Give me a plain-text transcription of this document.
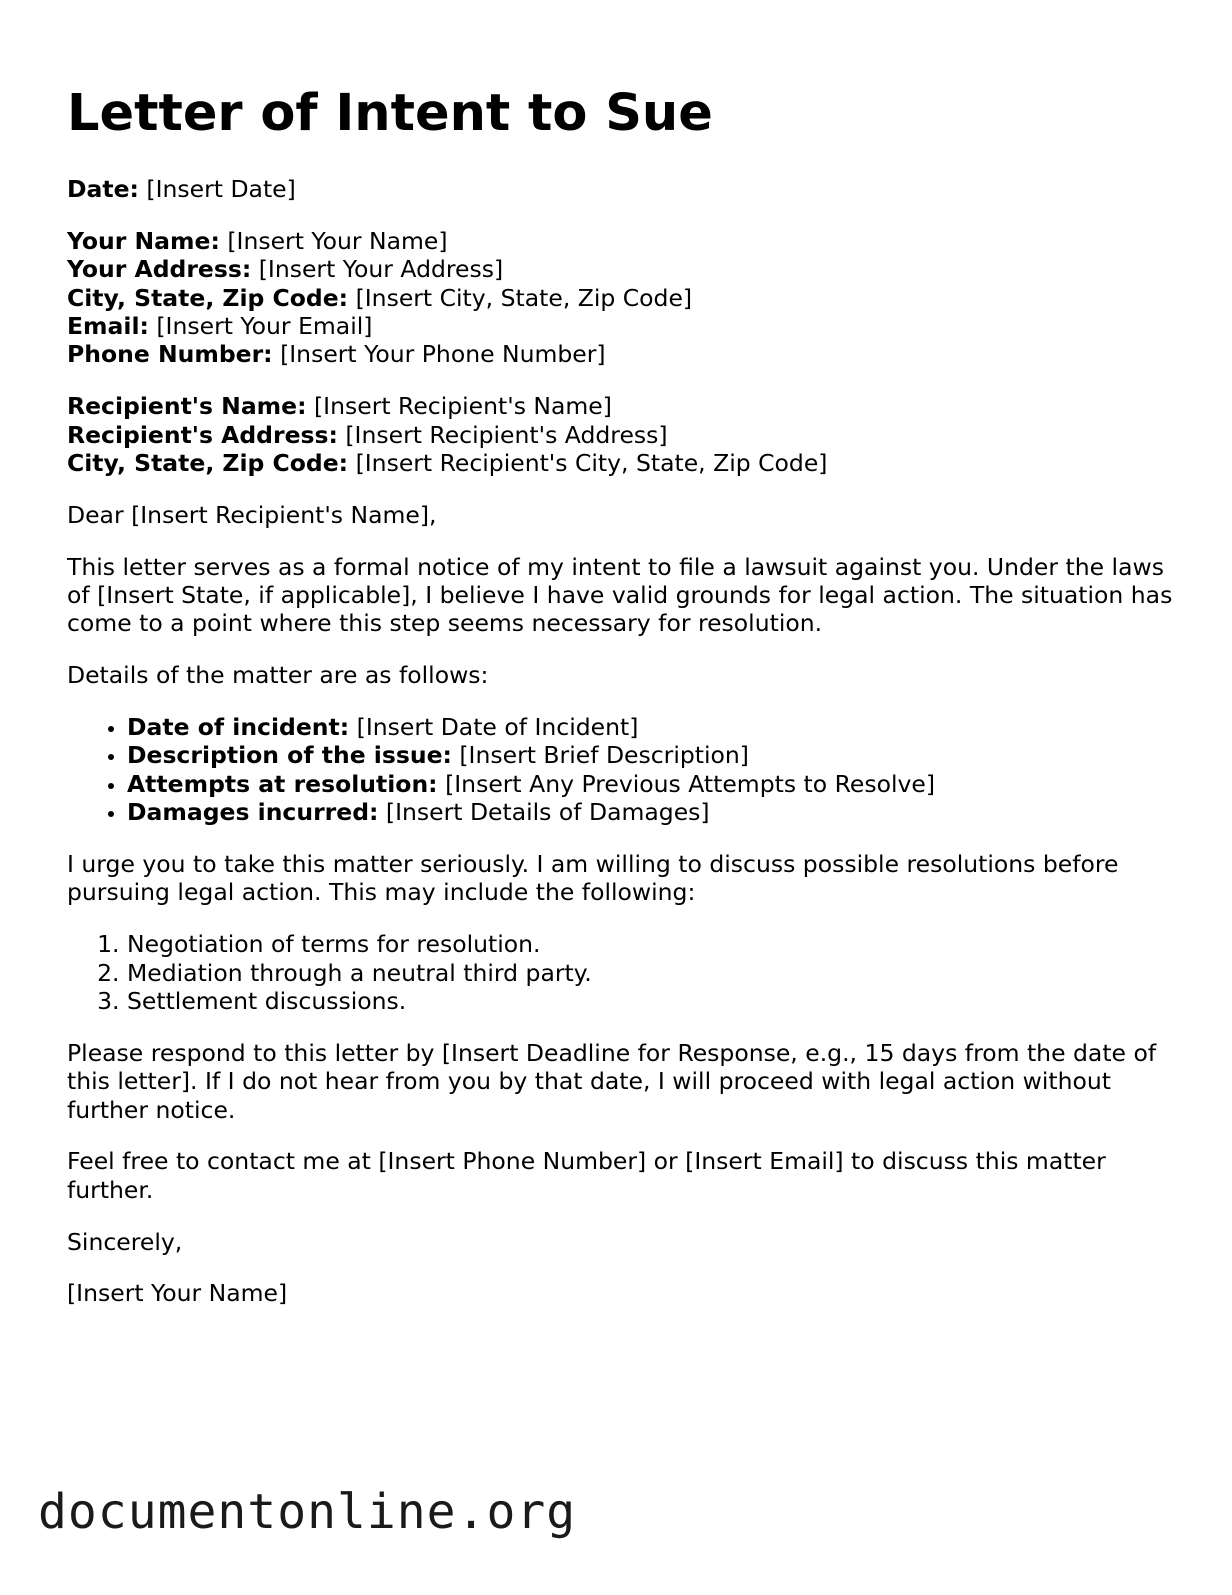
Letter of Intent to Sue
Date: [Insert Date]
Your Name: [Insert Your Name]
Your Address: [Insert Your Address]
City, State, Zip Code: [Insert City, State, Zip Code]
Email: [Insert Your Email]
Phone Number: [Insert Your Phone Number]
Recipient's Name: [Insert Recipient's Name]
Recipient's Address: [Insert Recipient's Address]
City, State, Zip Code: [Insert Recipient's City, State, Zip Code]

Dear [Insert Recipient's Name],

This letter serves as a formal notice of my intent to file a lawsuit against you. Under the laws of [Insert State, if applicable], I believe I have valid grounds for legal action. The situation has come to a point where this step seems necessary for resolution.

Details of the matter are as follows:

• Date of incident: [Insert Date of Incident]
• Description of the issue: [Insert Brief Description]
• Attempts at resolution: [Insert Any Previous Attempts to Resolve]
• Damages incurred: [Insert Details of Damages]

I urge you to take this matter seriously. I am willing to discuss possible resolutions before pursuing legal action. This may include the following:

1. Negotiation of terms for resolution.
2. Mediation through a neutral third party.
3. Settlement discussions.

Please respond to this letter by [Insert Deadline for Response, e.g., 15 days from the date of this letter]. If I do not hear from you by that date, I will proceed with legal action without further notice.

Feel free to contact me at [Insert Phone Number] or [Insert Email] to discuss this matter further.

Sincerely,

[Insert Your Name]

documentonline.org
